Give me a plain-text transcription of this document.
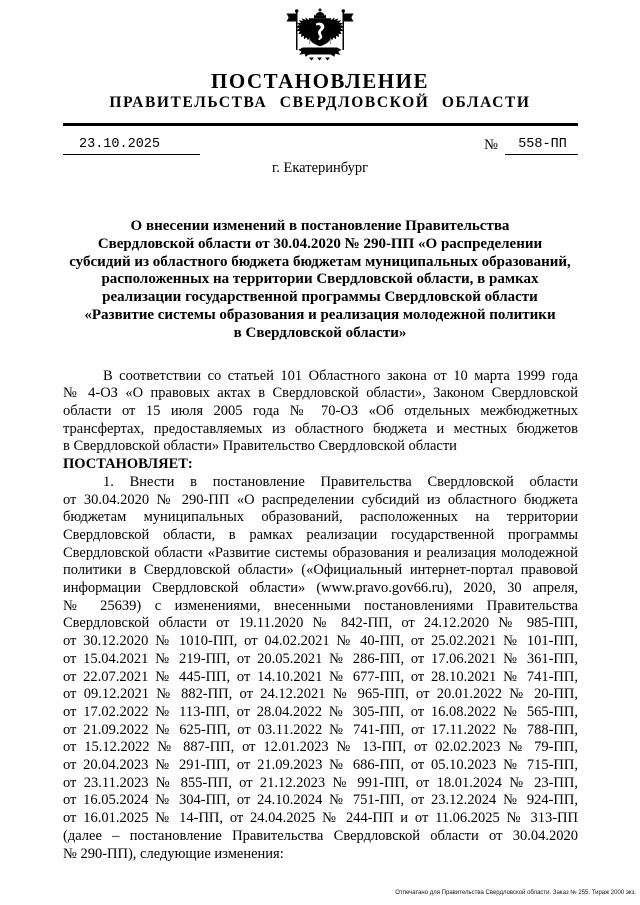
ПОСТАНОВЛЕНИЕ
ПРАВИТЕЛЬСТВА СВЕРДЛОВСКОЙ ОБЛАСТИ
23.10.2025	№	558-ПП
г. Екатеринбург
О внесении изменений в постановление Правительства
Свердловской области от 30.04.2020 № 290-ПП «О распределении
субсидий из областного бюджета бюджетам муниципальных образований,
расположенных на территории Свердловской области, в рамках
реализации государственной программы Свердловской области
«Развитие системы образования и реализация молодежной политики
в Свердловской области»

В соответствии со статьей 101 Областного закона от 10 марта 1999 года № 4-ОЗ «О правовых актах в Свердловской области», Законом Свердловской области от 15 июля 2005 года № 70-ОЗ «Об отдельных межбюджетных трансфертах, предоставляемых из областного бюджета и местных бюджетов в Свердловской области» Правительство Свердловской области

ПОСТАНОВЛЯЕТ:

1. Внести в постановление Правительства Свердловской области от 30.04.2020 № 290-ПП «О распределении субсидий из областного бюджета бюджетам муниципальных образований, расположенных на территории Свердловской области, в рамках реализации государственной программы Свердловской области «Развитие системы образования и реализация молодежной политики в Свердловской области» («Официальный интернет-портал правовой информации Свердловской области» (www.pravo.gov66.ru), 2020, 30 апреля, № 25639) с изменениями, внесенными постановлениями Правительства Свердловской области от 19.11.2020 № 842-ПП, от 24.12.2020 № 985-ПП, от 30.12.2020 № 1010-ПП, от 04.02.2021 № 40-ПП, от 25.02.2021 № 101-ПП, от 15.04.2021 № 219-ПП, от 20.05.2021 № 286-ПП, от 17.06.2021 № 361-ПП, от 22.07.2021 № 445-ПП, от 14.10.2021 № 677-ПП, от 28.10.2021 № 741-ПП, от 09.12.2021 № 882-ПП, от 24.12.2021 № 965-ПП, от 20.01.2022 № 20-ПП, от 17.02.2022 № 113-ПП, от 28.04.2022 № 305-ПП, от 16.08.2022 № 565-ПП, от 21.09.2022 № 625-ПП, от 03.11.2022 № 741-ПП, от 17.11.2022 № 788-ПП, от 15.12.2022 № 887-ПП, от 12.01.2023 № 13-ПП, от 02.02.2023 № 79-ПП, от 20.04.2023 № 291-ПП, от 21.09.2023 № 686-ПП, от 05.10.2023 № 715-ПП, от 23.11.2023 № 855-ПП, от 21.12.2023 № 991-ПП, от 18.01.2024 № 23-ПП, от 16.05.2024 № 304-ПП, от 24.10.2024 № 751-ПП, от 23.12.2024 № 924-ПП, от 16.01.2025 № 14-ПП, от 24.04.2025 № 244-ПП и от 11.06.2025 № 313-ПП (далее – постановление Правительства Свердловской области от 30.04.2020 № 290-ПП), следующие изменения:

Отпечатано для Правительства Свердловской области. Заказ № 255. Тираж 2000 экз.
